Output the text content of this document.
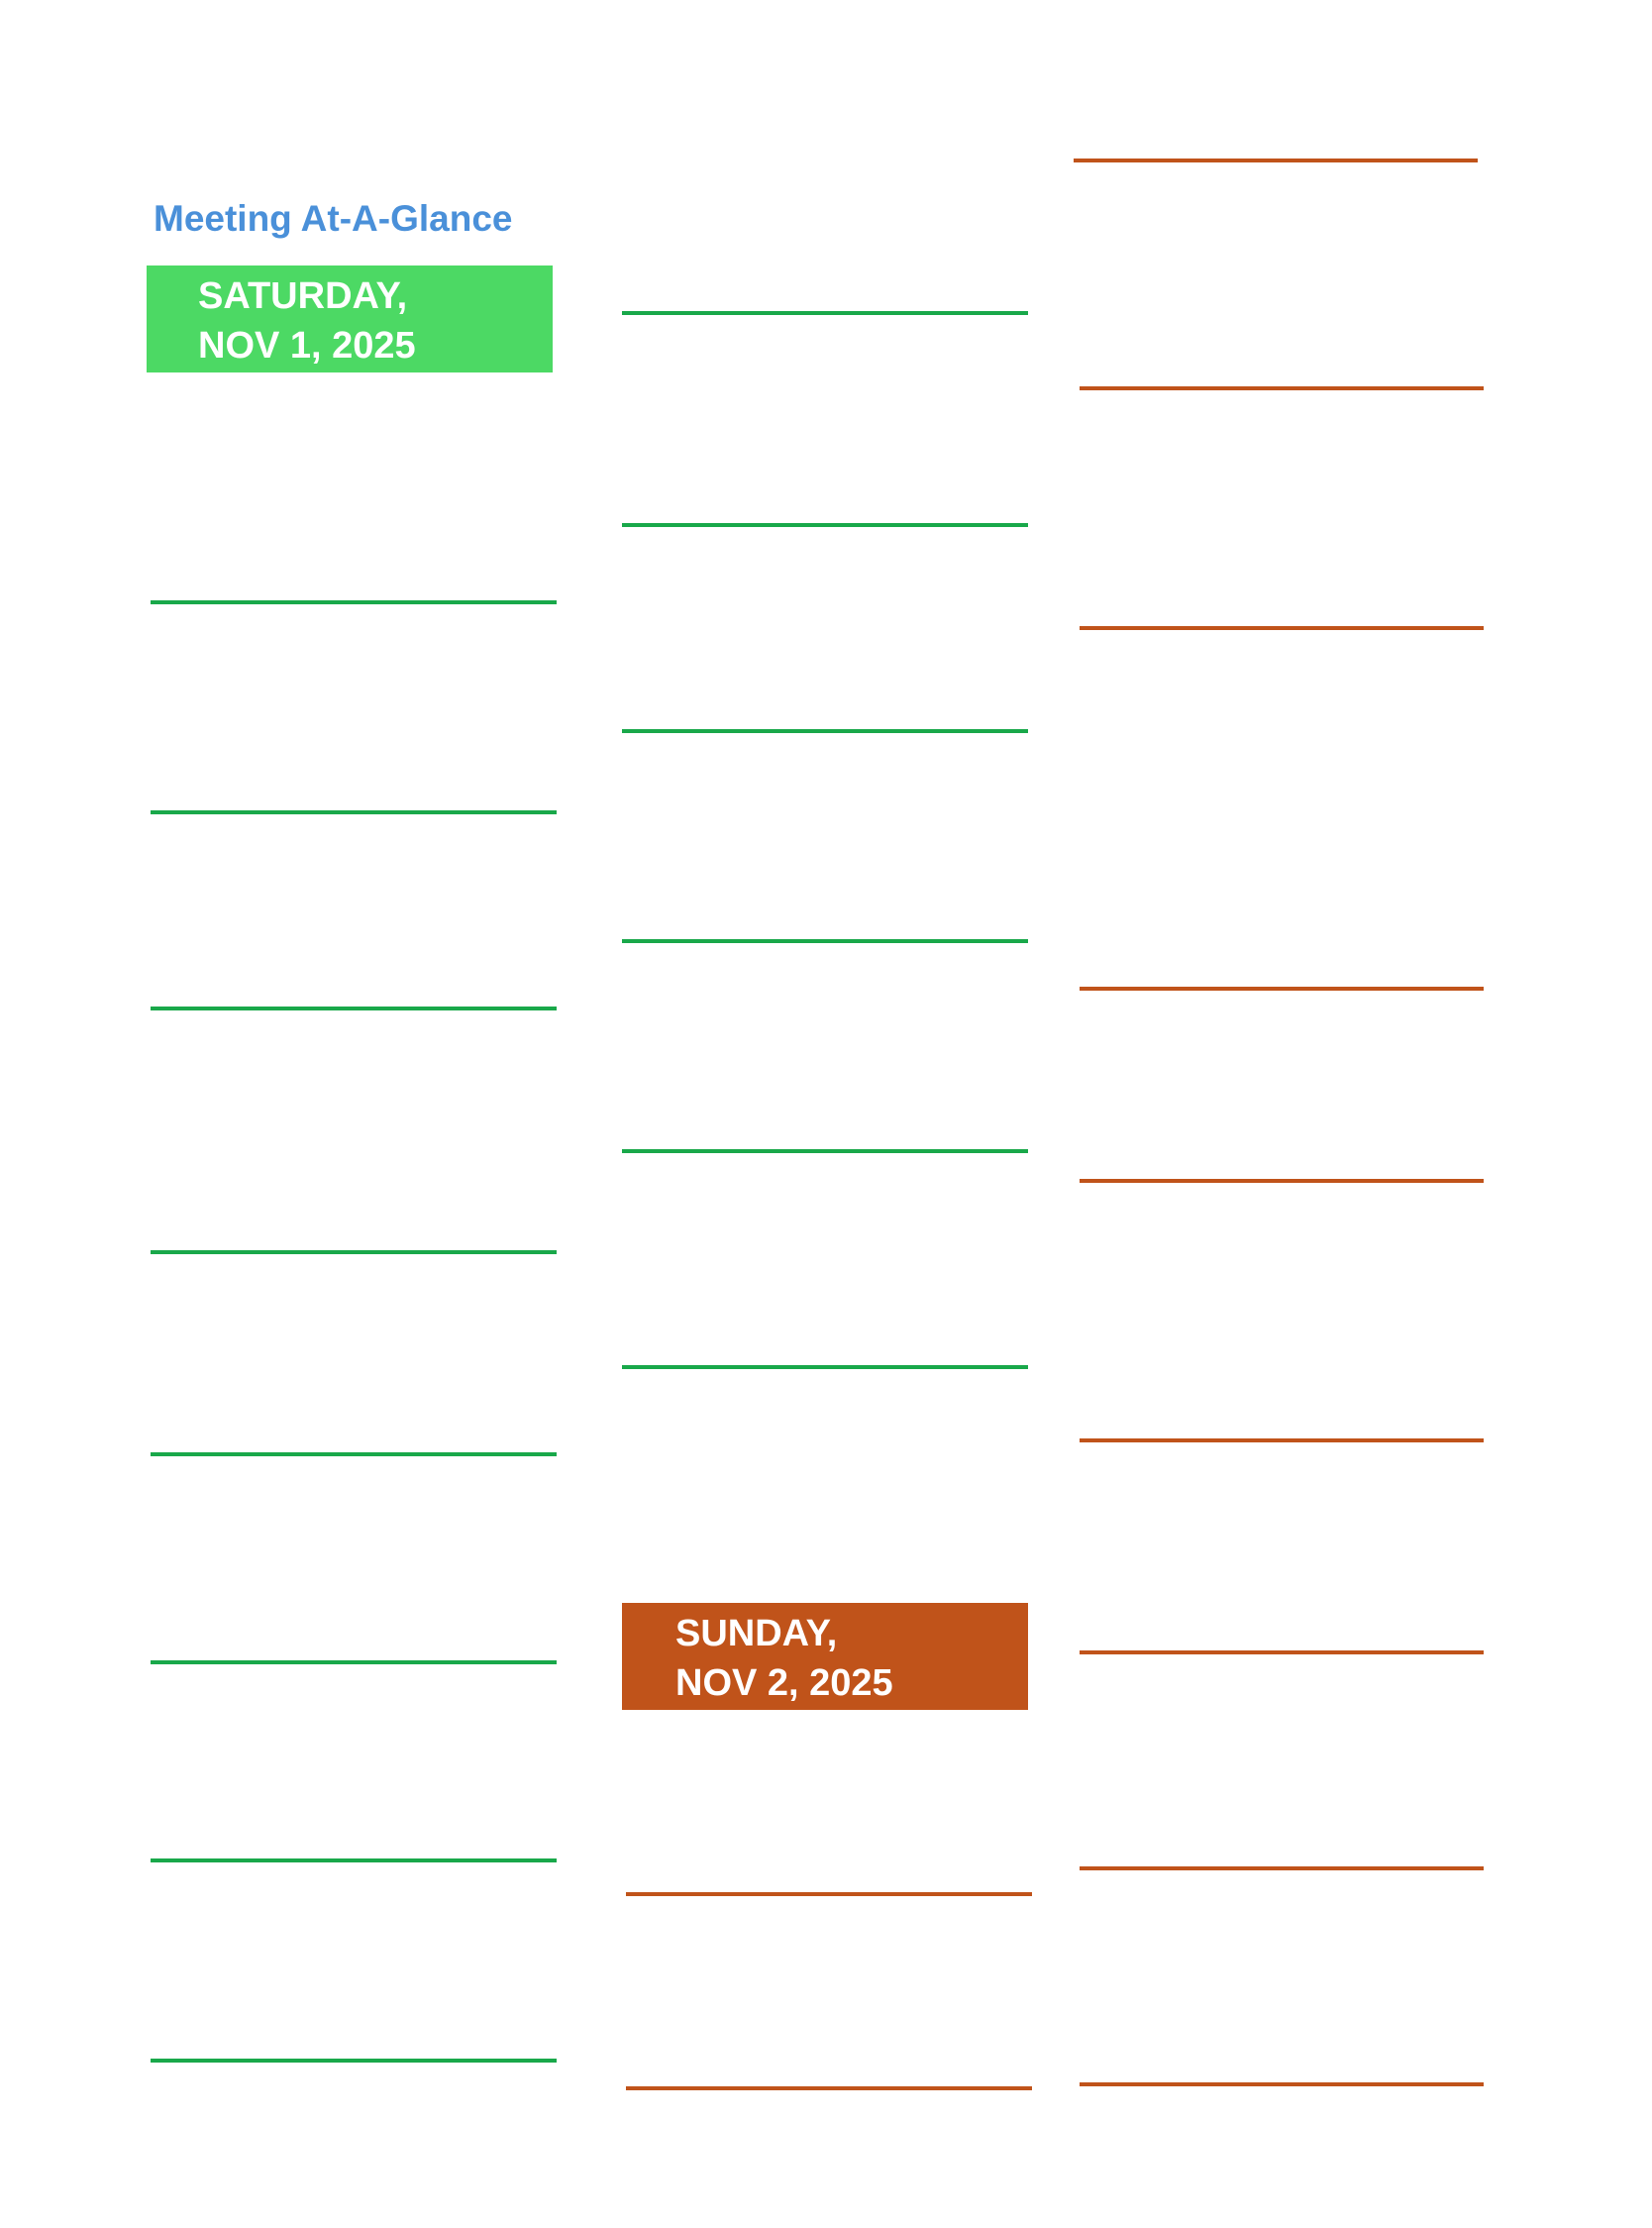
Meeting At-A-Glance
SATURDAY,
NOV 1, 2025
SUNDAY,
NOV 2, 2025
